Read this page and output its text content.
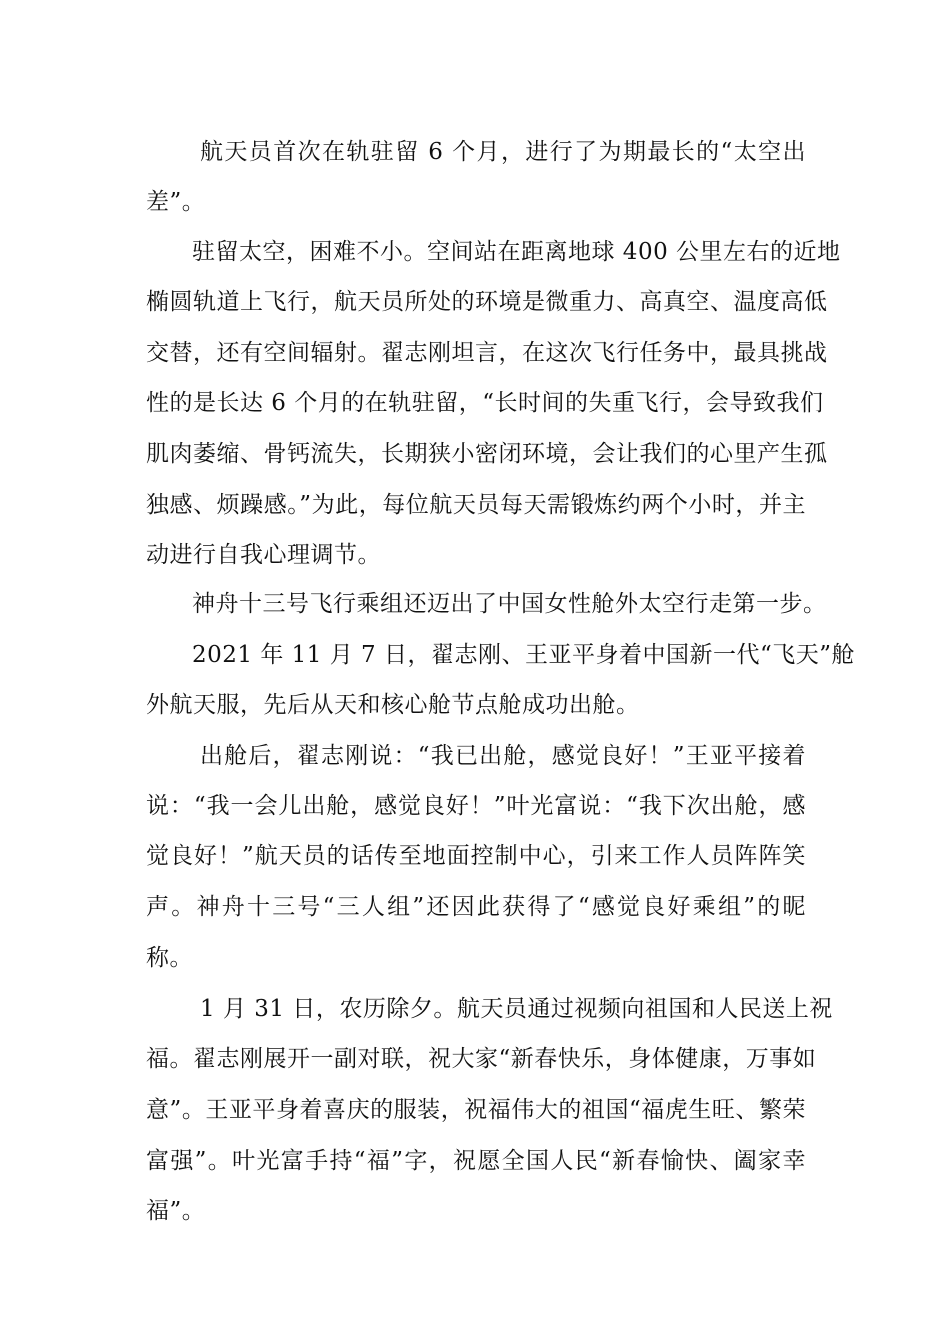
航天员首次在轨驻留 6 个月，进行了为期最长的“太空出
差”。
驻留太空，困难不小。空间站在距离地球 400 公里左右的近地
椭圆轨道上飞行，航天员所处的环境是微重力、高真空、温度高低
交替，还有空间辐射。翟志刚坦言，在这次飞行任务中，最具挑战
性的是长达 6 个月的在轨驻留，“长时间的失重飞行，会导致我们
肌肉萎缩、骨钙流失，长期狭小密闭环境，会让我们的心里产生孤
独感、烦躁感。”为此，每位航天员每天需锻炼约两个小时，并主
动进行自我心理调节。
神舟十三号飞行乘组还迈出了中国女性舱外太空行走第一步。
2021 年 11 月 7 日，翟志刚、王亚平身着中国新一代“飞天”舱
外航天服，先后从天和核心舱节点舱成功出舱。
出舱后，翟志刚说：“我已出舱，感觉良好！”王亚平接着
说：“我一会儿出舱，感觉良好！”叶光富说：“我下次出舱，感
觉良好！”航天员的话传至地面控制中心，引来工作人员阵阵笑
声。神舟十三号“三人组”还因此获得了“感觉良好乘组”的昵
称。
1 月 31 日，农历除夕。航天员通过视频向祖国和人民送上祝
福。翟志刚展开一副对联，祝大家“新春快乐，身体健康，万事如
意”。王亚平身着喜庆的服装，祝福伟大的祖国“福虎生旺、繁荣
富强”。叶光富手持“福”字，祝愿全国人民“新春愉快、阖家幸
福”。
